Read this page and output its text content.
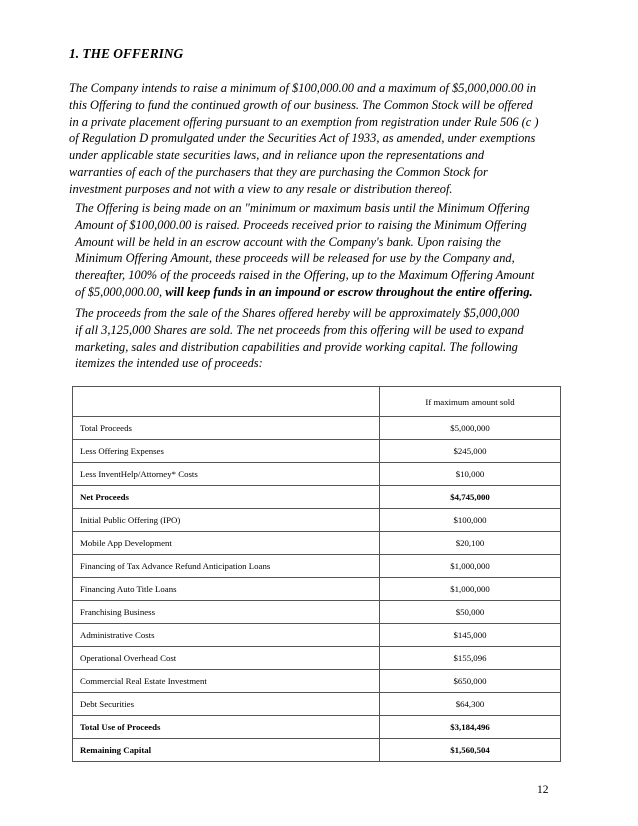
1. THE OFFERING
The Company intends to raise a minimum of $100,000.00 and a maximum of $5,000,000.00 in
this Offering to fund the continued growth of our business. The Common Stock will be offered
in a private placement offering pursuant to an exemption from registration under Rule 506 (c )
of Regulation D promulgated under the Securities Act of 1933, as amended, under exemptions
under applicable state securities laws, and in reliance upon the representations and
warranties of each of the purchasers that they are purchasing the Common Stock for
investment purposes and not with a view to any resale or distribution thereof.
The Offering is being made on an "minimum or maximum basis until the Minimum Offering
Amount of $100,000.00 is raised. Proceeds received prior to raising the Minimum Offering
Amount will be held in an escrow account with the Company's bank. Upon raising the
Minimum Offering Amount, these proceeds will be released for use by the Company and,
thereafter, 100% of the proceeds raised in the Offering, up to the Maximum Offering Amount
of $5,000,000.00, will keep funds in an impound or escrow throughout the entire offering.
The proceeds from the sale of the Shares offered hereby will be approximately $5,000,000
if all 3,125,000 Shares are sold. The net proceeds from this offering will be used to expand
marketing, sales and distribution capabilities and provide working capital. The following
itemizes the intended use of proceeds:
	If maximum amount sold
Total Proceeds	$5,000,000
Less Offering Expenses	$245,000
Less InventHelp/Attorney* Costs	$10,000
Net Proceeds	$4,745,000
Initial Public Offering (IPO)	$100,000
Mobile App Development	$20,100
Financing of Tax Advance Refund Anticipation Loans	$1,000,000
Financing Auto Title Loans	$1,000,000
Franchising Business	$50,000
Administrative Costs	$145,000
Operational Overhead Cost	$155,096
Commercial Real Estate Investment	$650,000
Debt Securities	$64,300
Total Use of Proceeds	$3,184,496
Remaining Capital	$1,560,504
12
